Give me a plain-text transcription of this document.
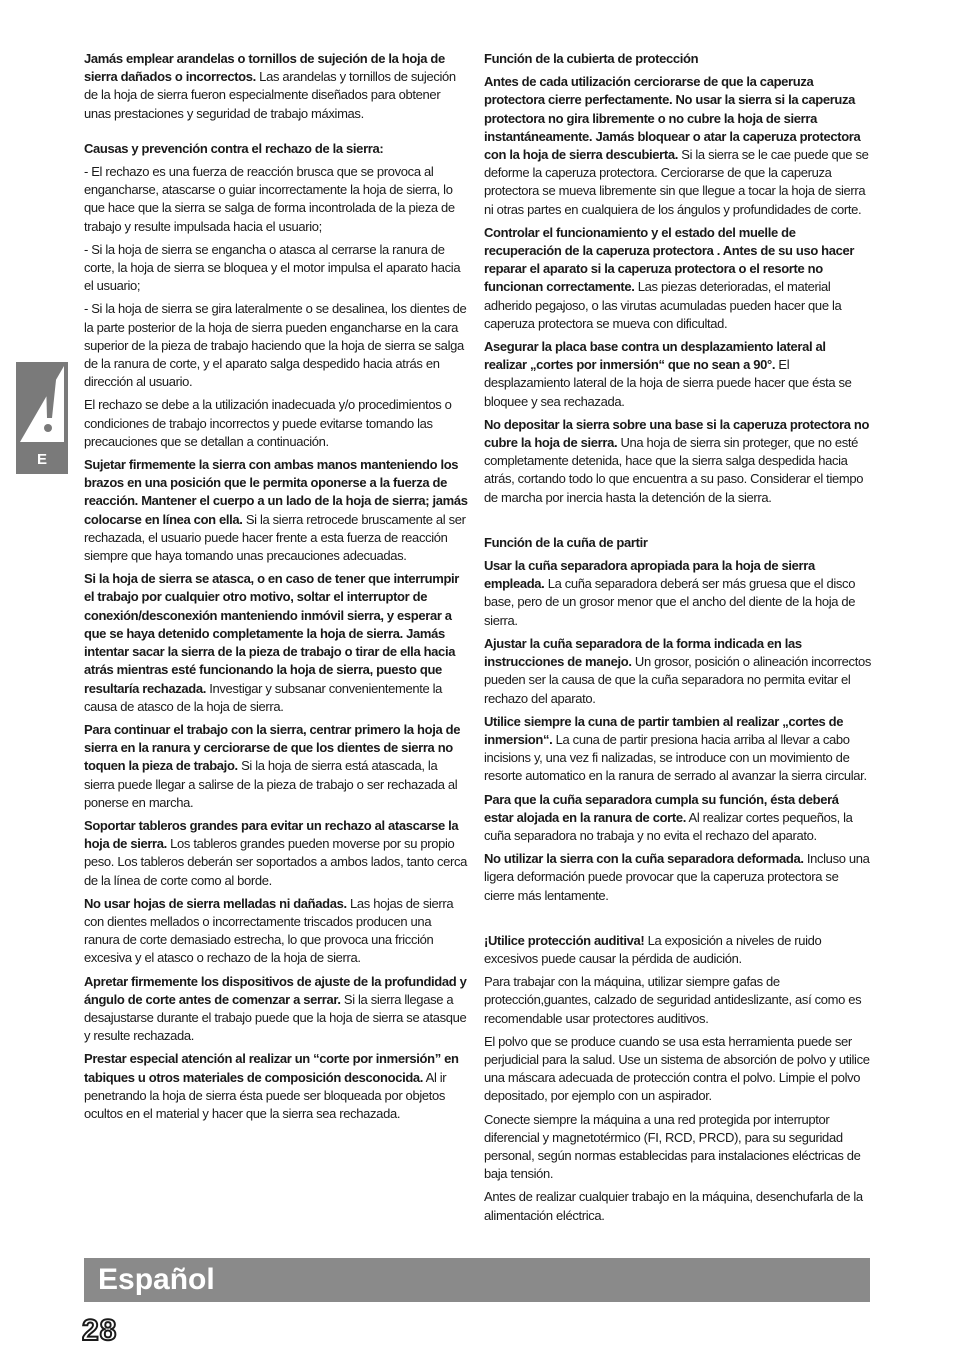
E

Jamás emplear arandelas o tornillos de sujeción de la hoja de sierra dañados o incorrectos. Las arandelas y tornillos de sujeción de la hoja de sierra fueron especialmente diseñados para obtener unas prestaciones y seguridad de trabajo máximas.

Causas y prevención contra el rechazo de la sierra:

- El rechazo es una fuerza de reacción brusca que se provoca al engancharse, atascarse o guiar incorrectamente la hoja de sierra, lo que hace que la sierra se salga de forma incontrolada de la pieza de trabajo y resulte impulsada hacia el usuario;

- Si la hoja de sierra se engancha o atasca al cerrarse la ranura de corte, la hoja de sierra se bloquea y el motor impulsa el aparato hacia el usuario;

- Si la hoja de sierra se gira lateralmente o se desalinea, los dientes de la parte posterior de la hoja de sierra pueden engancharse en la cara superior de la pieza de trabajo haciendo que la hoja de sierra se salga de la ranura de corte, y el aparato salga despedido hacia atrás en dirección al usuario.

El rechazo se debe a la utilización inadecuada y/o procedimientos o condiciones de trabajo incorrectos y puede evitarse tomando las precauciones que se detallan a continuación.

Sujetar firmemente la sierra con ambas manos manteniendo los brazos en una posición que le permita oponerse a la fuerza de reacción. Mantener el cuerpo a un lado de la hoja de sierra; jamás colocarse en línea con ella. Si la sierra retrocede bruscamente al ser rechazada, el usuario puede hacer frente a esta fuerza de reacción siempre que haya tomando unas precauciones adecuadas.

Si la hoja de sierra se atasca, o en caso de tener que interrumpir el trabajo por cualquier otro motivo, soltar el interruptor de conexión/desconexión manteniendo inmóvil sierra, y esperar a que se haya detenido completamente la hoja de sierra. Jamás intentar sacar la sierra de la pieza de trabajo o tirar de ella hacia atrás mientras esté funcionando la hoja de sierra, puesto que resultaría rechazada. Investigar y subsanar convenientemente la causa de atasco de la hoja de sierra.

Para continuar el trabajo con la sierra, centrar primero la hoja de sierra en la ranura y cerciorarse de que los dientes de sierra no toquen la pieza de trabajo. Si la hoja de sierra está atascada, la sierra puede llegar a salirse de la pieza de trabajo o ser rechazada al ponerse en marcha.

Soportar tableros grandes para evitar un rechazo al atascarse la hoja de sierra. Los tableros grandes pueden moverse por su propio peso. Los tableros deberán ser soportados a ambos lados, tanto cerca de la línea de corte como al borde.

No usar hojas de sierra melladas ni dañadas. Las hojas de sierra con dientes mellados o incorrectamente triscados producen una ranura de corte demasiado estrecha, lo que provoca una fricción excesiva y el atasco o rechazo de la hoja de sierra.

Apretar firmemente los dispositivos de ajuste de la profundidad y ángulo de corte antes de comenzar a serrar. Si la sierra llegase a desajustarse durante el trabajo puede que la hoja de sierra se atasque y resulte rechazada.

Prestar especial atención al realizar un “corte por inmersión” en tabiques u otros materiales de composición desconocida. Al ir penetrando la hoja de sierra ésta puede ser bloqueada por objetos ocultos en el material y hacer que la sierra sea rechazada.

Función de la cubierta de protección

Antes de cada utilización cerciorarse de que la caperuza protectora cierre perfectamente. No usar la sierra si la caperuza protectora no gira libremente o no cubre la hoja de sierra instantáneamente. Jamás bloquear o atar la caperuza protectora con la hoja de sierra descubierta. Si la sierra se le cae puede que se deforme la caperuza protectora. Cerciorarse de que la caperuza protectora se mueva libremente sin que llegue a tocar la hoja de sierra ni otras partes en cualquiera de los ángulos y profundidades de corte.

Controlar el funcionamiento y el estado del muelle de recuperación de la caperuza protectora . Antes de su uso hacer reparar el aparato si la caperuza protectora o el resorte no funcionan correctamente. Las piezas deterioradas, el material adherido pegajoso, o las virutas acumuladas pueden hacer que la caperuza protectora se mueva con dificultad.

Asegurar la placa base contra un desplazamiento lateral al realizar „cortes por inmersión“ que no sean a 90°. El desplazamiento lateral de la hoja de sierra puede hacer que ésta se bloquee y sea rechazada.

No depositar la sierra sobre una base si la caperuza protectora no cubre la hoja de sierra. Una hoja de sierra sin proteger, que no esté completamente detenida, hace que la sierra salga despedida hacia atrás, cortando todo lo que encuentra a su paso. Considerar el tiempo de marcha por inercia hasta la detención de la sierra.

Función de la cuña de partir

Usar la cuña separadora apropiada para la hoja de sierra empleada. La cuña separadora deberá ser más gruesa que el disco base, pero de un grosor menor que el ancho del diente de la hoja de sierra.

Ajustar la cuña separadora de la forma indicada en las instrucciones de manejo. Un grosor, posición o alineación incorrectos pueden ser la causa de que la cuña separadora no permita evitar el rechazo del aparato.

Utilice siempre la cuna de partir tambien al realizar „cortes de inmersion“. La cuna de partir presiona hacia arriba al llevar a cabo incisions y, una vez fi nalizadas, se introduce con un movimiento de resorte automatico en la ranura de serrado al avanzar la sierra circular.

Para que la cuña separadora cumpla su función, ésta deberá estar alojada en la ranura de corte. Al realizar cortes pequeños, la cuña separadora no trabaja y no evita el rechazo del aparato.

No utilizar la sierra con la cuña separadora deformada. Incluso una ligera deformación puede provocar que la caperuza protectora se cierre más lentamente.

¡Utilice protección auditiva! La exposición a niveles de ruido excesivos puede causar la pérdida de audición.

Para trabajar con la máquina, utilizar siempre gafas de protección,guantes, calzado de seguridad antideslizante, así como es recomendable usar protectores auditivos.

El polvo que se produce cuando se usa esta herramienta puede ser perjudicial para la salud. Use un sistema de absorción de polvo y utilice una máscara adecuada de protección contra el polvo. Limpie el polvo depositado, por ejemplo con un aspirador.

Conecte siempre la máquina a una red protegida por interruptor diferencial y magnetotérmico (FI, RCD, PRCD), para su seguridad personal, según normas establecidas para instalaciones eléctricas de baja tensión.

Antes de realizar cualquier trabajo en la máquina, desenchufarla de la alimentación eléctrica.

Español
28
